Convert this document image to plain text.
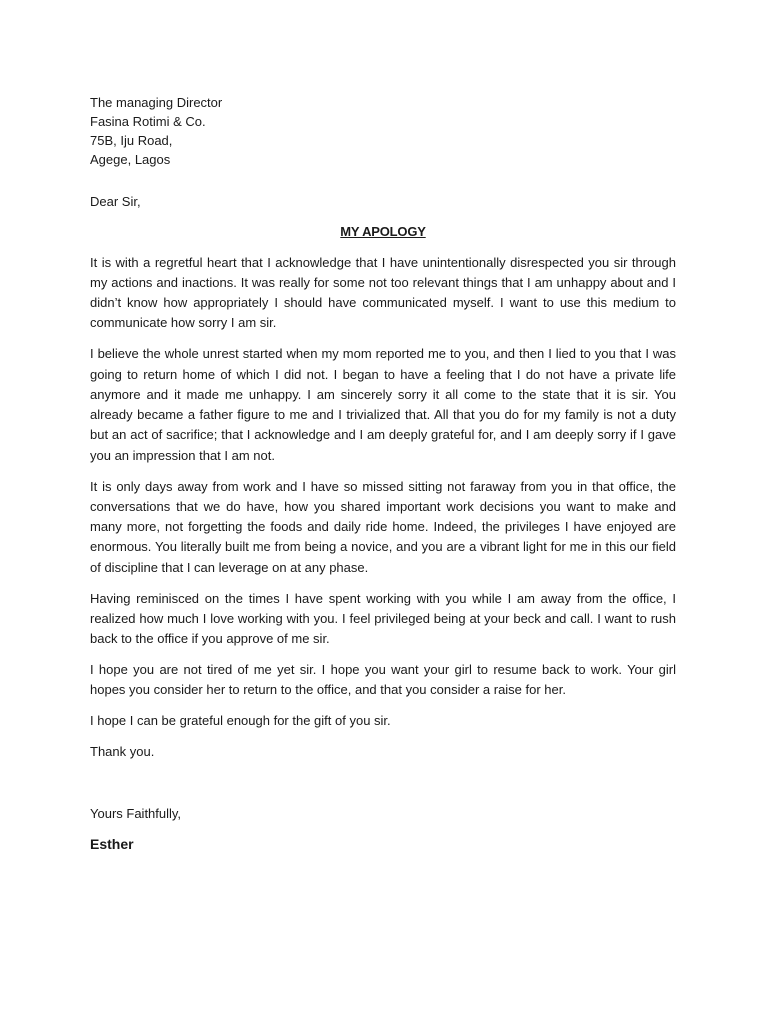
The managing Director
Fasina Rotimi & Co.
75B, Iju Road,
Agege, Lagos
Dear Sir,
MY APOLOGY

It is with a regretful heart that I acknowledge that I have unintentionally disrespected you sir through my actions and inactions. It was really for some not too relevant things that I am unhappy about and I didn’t know how appropriately I should have communicated myself. I want to use this medium to communicate how sorry I am sir.

I believe the whole unrest started when my mom reported me to you, and then I lied to you that I was going to return home of which I did not. I began to have a feeling that I do not have a private life anymore and it made me unhappy. I am sincerely sorry it all come to the state that it is sir. You already became a father figure to me and I trivialized that. All that you do for my family is not a duty but an act of sacrifice; that I acknowledge and I am deeply grateful for, and I am deeply sorry if I gave you an impression that I am not.

It is only days away from work and I have so missed sitting not faraway from you in that office, the conversations that we do have, how you shared important work decisions you want to make and many more, not forgetting the foods and daily ride home. Indeed, the privileges I have enjoyed are enormous. You literally built me from being a novice, and you are a vibrant light for me in this our field of discipline that I can leverage on at any phase.

Having reminisced on the times I have spent working with you while I am away from the office, I realized how much I love working with you. I feel privileged being at your beck and call. I want to rush back to the office if you approve of me sir.

I hope you are not tired of me yet sir. I hope you want your girl to resume back to work. Your girl hopes you consider her to return to the office, and that you consider a raise for her.

I hope I can be grateful enough for the gift of you sir.

Thank you.

Yours Faithfully,
Esther
